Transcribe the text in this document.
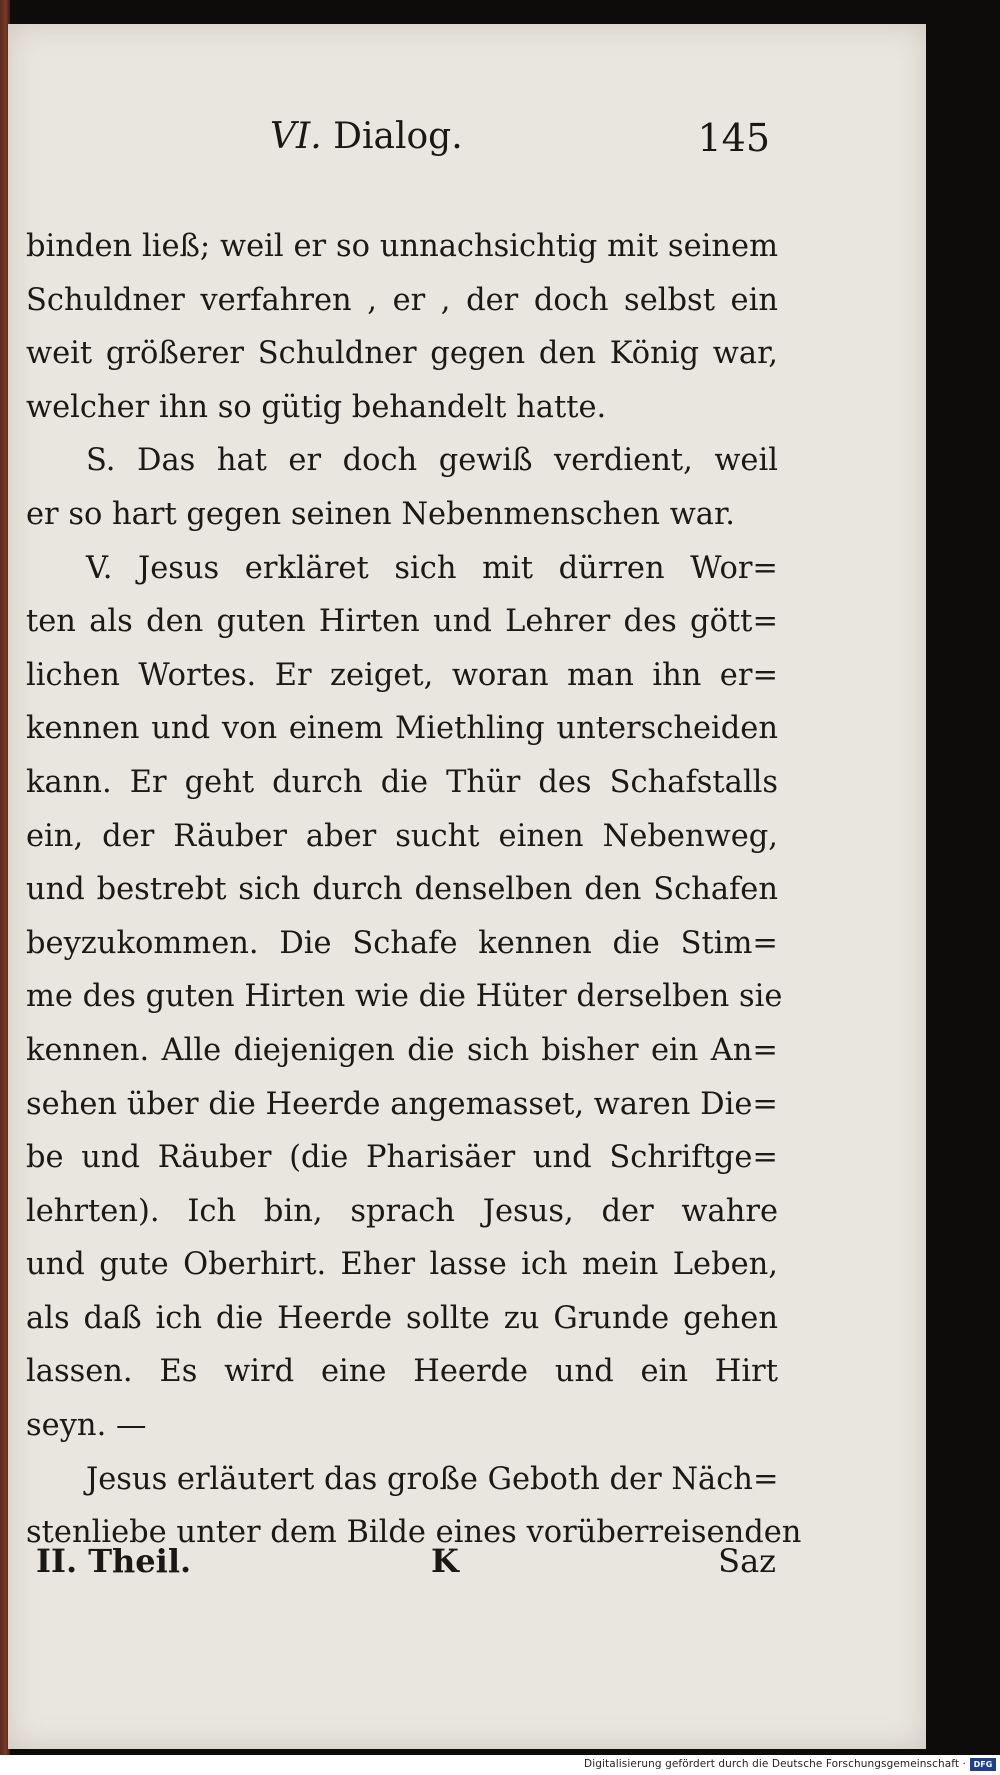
VI. Dialog.	145
binden ließ; weil er so unnachsichtig mit seinem
Schuldner verfahren , er , der doch selbst ein
weit größerer Schuldner gegen den König war,
welcher ihn so gütig behandelt hatte.
S. Das hat er doch gewiß verdient, weil
er so hart gegen seinen Nebenmenschen war.
V. Jesus erkläret sich mit dürren Wor=
ten als den guten Hirten und Lehrer des gött=
lichen Wortes. Er zeiget, woran man ihn er=
kennen und von einem Miethling unterscheiden
kann. Er geht durch die Thür des Schafstalls
ein, der Räuber aber sucht einen Nebenweg,
und bestrebt sich durch denselben den Schafen
beyzukommen. Die Schafe kennen die Stim=
me des guten Hirten wie die Hüter derselben sie
kennen. Alle diejenigen die sich bisher ein An=
sehen über die Heerde angemasset, waren Die=
be und Räuber (die Pharisäer und Schriftge=
lehrten). Ich bin, sprach Jesus, der wahre
und gute Oberhirt. Eher lasse ich mein Leben,
als daß ich die Heerde sollte zu Grunde gehen
lassen. Es wird eine Heerde und ein Hirt
seyn. —
Jesus erläutert das große Geboth der Näch=
stenliebe unter dem Bilde eines vorüberreisenden
II. Theil.	K	Saz
Digitalisierung gefördert durch die Deutsche Forschungsgemeinschaft · DFG
